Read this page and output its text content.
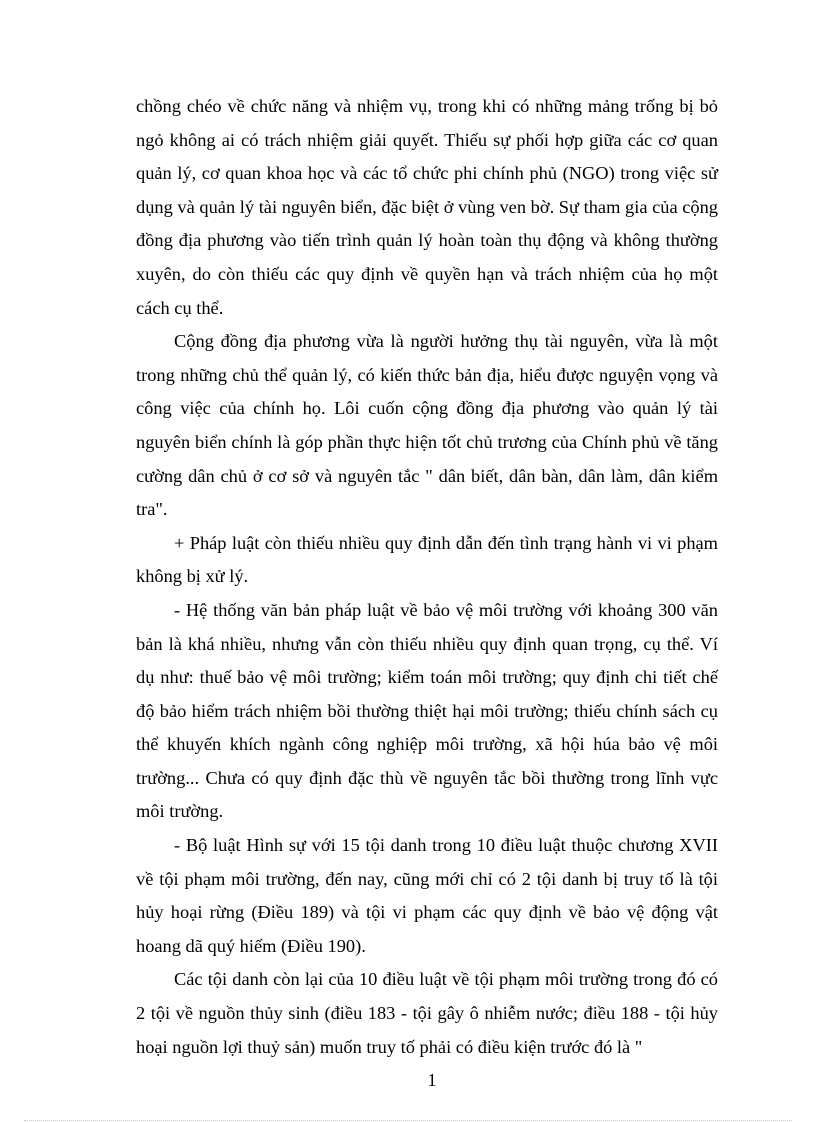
chồng chéo về chức năng và nhiệm vụ, trong khi có những mảng trống bị bỏ ngỏ không ai có trách nhiệm giải quyết. Thiếu sự phối hợp giữa các cơ quan quản lý, cơ quan khoa học và các tổ chức phi chính phủ (NGO) trong việc sử dụng và quản lý tài nguyên biển, đặc biệt ở vùng ven bờ. Sự tham gia của cộng đồng địa phương vào tiến trình quản lý hoàn toàn thụ động và không thường xuyên, do còn thiếu các quy định về quyền hạn và trách nhiệm của họ một cách cụ thể.

Cộng đồng địa phương vừa là người hưởng thụ tài nguyên, vừa là một trong những chủ thể quản lý, có kiến thức bản địa, hiểu được nguyện vọng và công việc của chính họ. Lôi cuốn cộng đồng địa phương vào quản lý tài nguyên biển chính là góp phần thực hiện tốt chủ trương của Chính phủ về tăng cường dân chủ ở cơ sở và nguyên tắc " dân biết, dân bàn, dân làm, dân kiểm tra".

+ Pháp luật còn thiếu nhiều quy định dẫn đến tình trạng hành vi vi phạm không bị xử lý.

- Hệ thống văn bản pháp luật về bảo vệ môi trường với khoảng 300 văn bản là khá nhiều, nhưng vẫn còn thiếu nhiều quy định quan trọng, cụ thể. Ví dụ như: thuế bảo vệ môi trường; kiểm toán môi trường; quy định chi tiết chế độ bảo hiểm trách nhiệm bồi thường thiệt hại môi trường; thiếu chính sách cụ thể khuyến khích ngành công nghiệp môi trường, xã hội húa bảo vệ môi trường... Chưa có quy định đặc thù về nguyên tắc bồi thường trong lĩnh vực môi trường.

- Bộ luật Hình sự với 15 tội danh trong 10 điều luật thuộc chương XVII về tội phạm môi trường, đến nay, cũng mới chỉ có 2 tội danh bị truy tố là tội hủy hoại rừng (Điều 189) và tội vi phạm các quy định về bảo vệ động vật hoang dã quý hiếm (Điều 190).

Các tội danh còn lại của 10 điều luật về tội phạm môi trường trong đó có 2 tội về nguồn thủy sinh (điều 183 - tội gây ô nhiễm nước; điều 188 - tội hủy hoại nguồn lợi thuỷ sản) muốn truy tố phải có điều kiện trước đó là "

1
